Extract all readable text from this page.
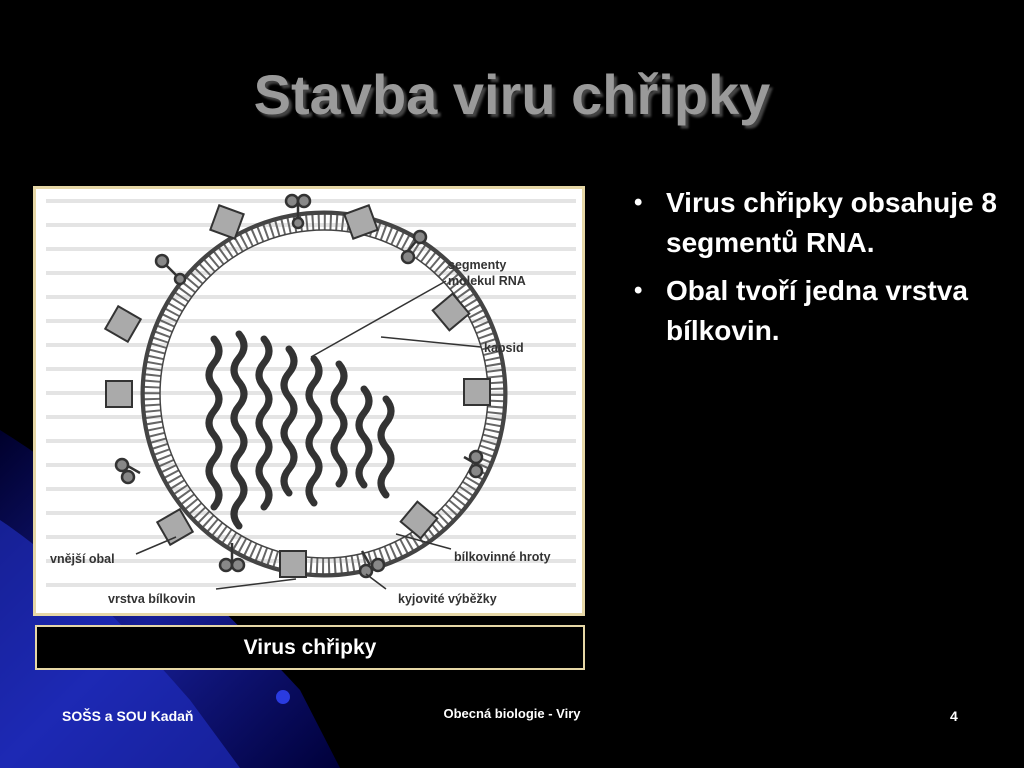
Stavba viru chřipky
segmenty
molekul RNA
kapsid
vnější obal
vrstva bílkovin
bílkovinné hroty
kyjovité výběžky
Virus chřipky
• Virus chřipky obsahuje 8 segmentů RNA.
• Obal tvoří jedna vrstva bílkovin.
SOŠS a SOU Kadaň	Obecná biologie - Viry	4
